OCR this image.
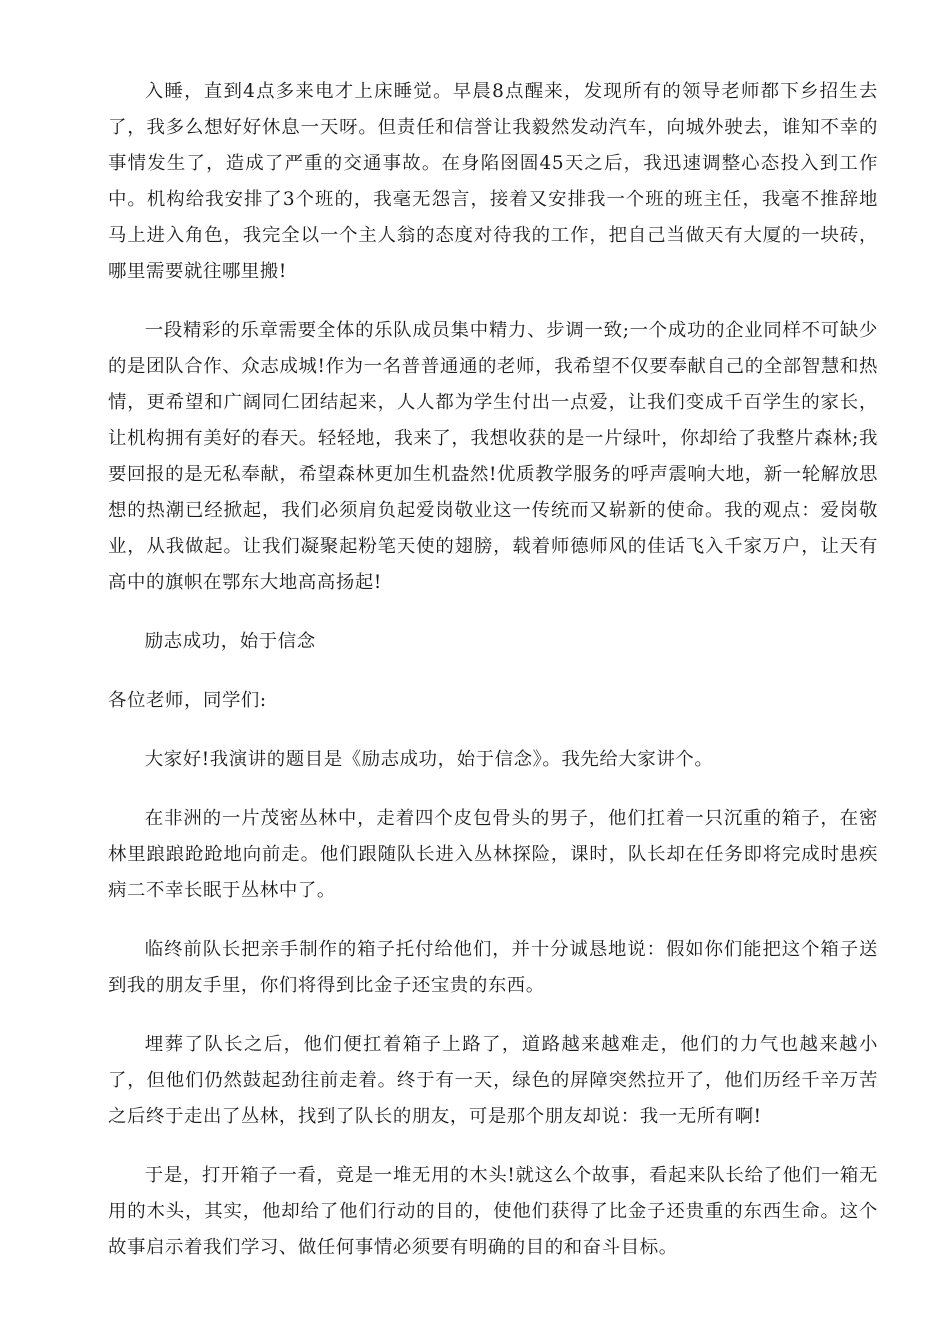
入睡，直到4点多来电才上床睡觉。早晨8点醒来，发现所有的领导老师都下乡招生去了，我多么想好好休息一天呀。但责任和信誉让我毅然发动汽车，向城外驶去，谁知不幸的事情发生了，造成了严重的交通事故。在身陷囹圄45天之后，我迅速调整心态投入到工作中。机构给我安排了3个班的，我毫无怨言，接着又安排我一个班的班主任，我毫不推辞地马上进入角色，我完全以一个主人翁的态度对待我的工作，把自己当做天有大厦的一块砖，哪里需要就往哪里搬!

一段精彩的乐章需要全体的乐队成员集中精力、步调一致;一个成功的企业同样不可缺少的是团队合作、众志成城!作为一名普普通通的老师，我希望不仅要奉献自己的全部智慧和热情，更希望和广阔同仁团结起来，人人都为学生付出一点爱，让我们变成千百学生的家长，让机构拥有美好的春天。轻轻地，我来了，我想收获的是一片绿叶，你却给了我整片森林;我要回报的是无私奉献，希望森林更加生机盎然!优质教学服务的呼声震响大地，新一轮解放思想的热潮已经掀起，我们必须肩负起爱岗敬业这一传统而又崭新的使命。我的观点：爱岗敬业，从我做起。让我们凝聚起粉笔天使的翅膀，载着师德师风的佳话飞入千家万户，让天有高中的旗帜在鄂东大地高高扬起!

励志成功，始于信念

各位老师，同学们:

大家好!我演讲的题目是《励志成功，始于信念》。我先给大家讲个。

在非洲的一片茂密丛林中，走着四个皮包骨头的男子，他们扛着一只沉重的箱子，在密林里踉踉跄跄地向前走。他们跟随队长进入丛林探险，课时，队长却在任务即将完成时患疾病二不幸长眠于丛林中了。

临终前队长把亲手制作的箱子托付给他们，并十分诚恳地说：假如你们能把这个箱子送到我的朋友手里，你们将得到比金子还宝贵的东西。

埋葬了队长之后，他们便扛着箱子上路了，道路越来越难走，他们的力气也越来越小了，但他们仍然鼓起劲往前走着。终于有一天，绿色的屏障突然拉开了，他们历经千辛万苦之后终于走出了丛林，找到了队长的朋友，可是那个朋友却说：我一无所有啊!

于是，打开箱子一看，竟是一堆无用的木头!就这么个故事，看起来队长给了他们一箱无用的木头，其实，他却给了他们行动的目的，使他们获得了比金子还贵重的东西生命。这个故事启示着我们学习、做任何事情必须要有明确的目的和奋斗目标。
